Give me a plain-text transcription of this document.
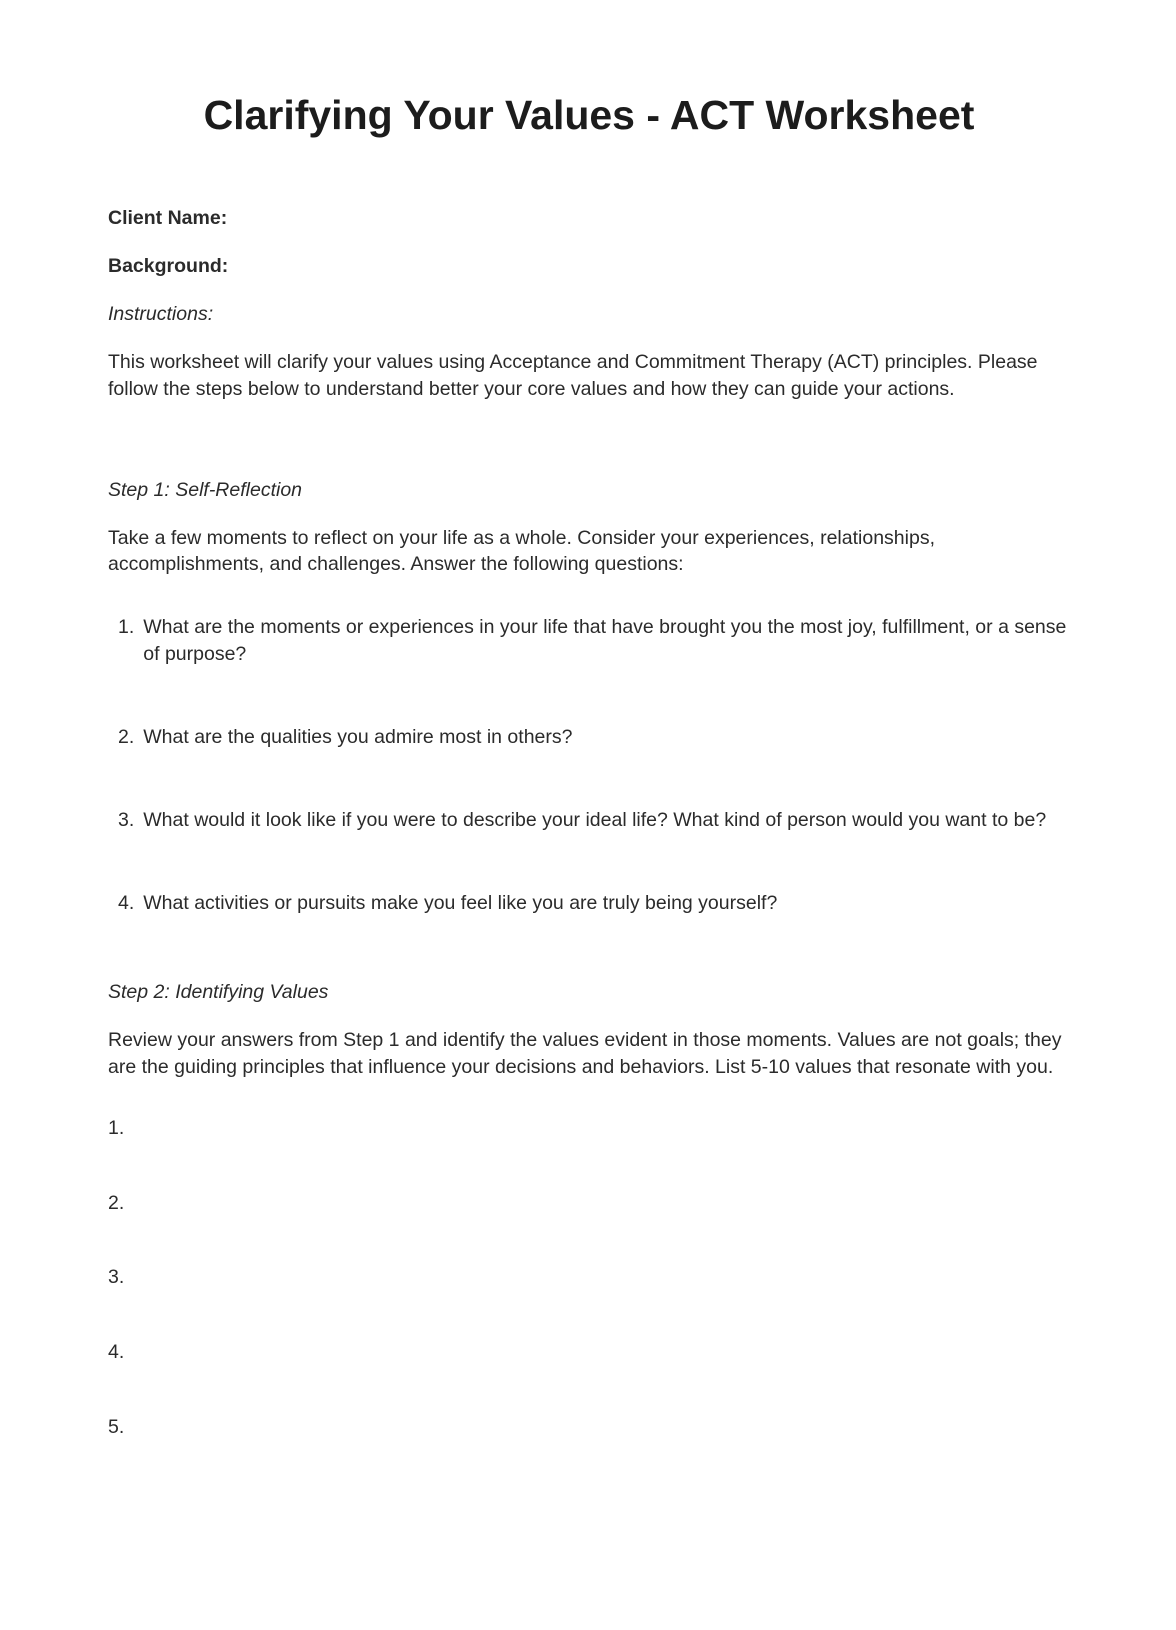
Clarifying Your Values - ACT Worksheet

Client Name:

Background:

Instructions:

This worksheet will clarify your values using Acceptance and Commitment Therapy (ACT) principles. Please follow the steps below to understand better your core values and how they can guide your actions.

Step 1: Self-Reflection

Take a few moments to reflect on your life as a whole. Consider your experiences, relationships, accomplishments, and challenges. Answer the following questions:

1. What are the moments or experiences in your life that have brought you the most joy, fulfillment, or a sense of purpose?
2. What are the qualities you admire most in others?
3. What would it look like if you were to describe your ideal life? What kind of person would you want to be?
4. What activities or pursuits make you feel like you are truly being yourself?

Step 2: Identifying Values

Review your answers from Step 1 and identify the values evident in those moments. Values are not goals; they are the guiding principles that influence your decisions and behaviors. List 5-10 values that resonate with you.

1.

2.

3.

4.

5.
